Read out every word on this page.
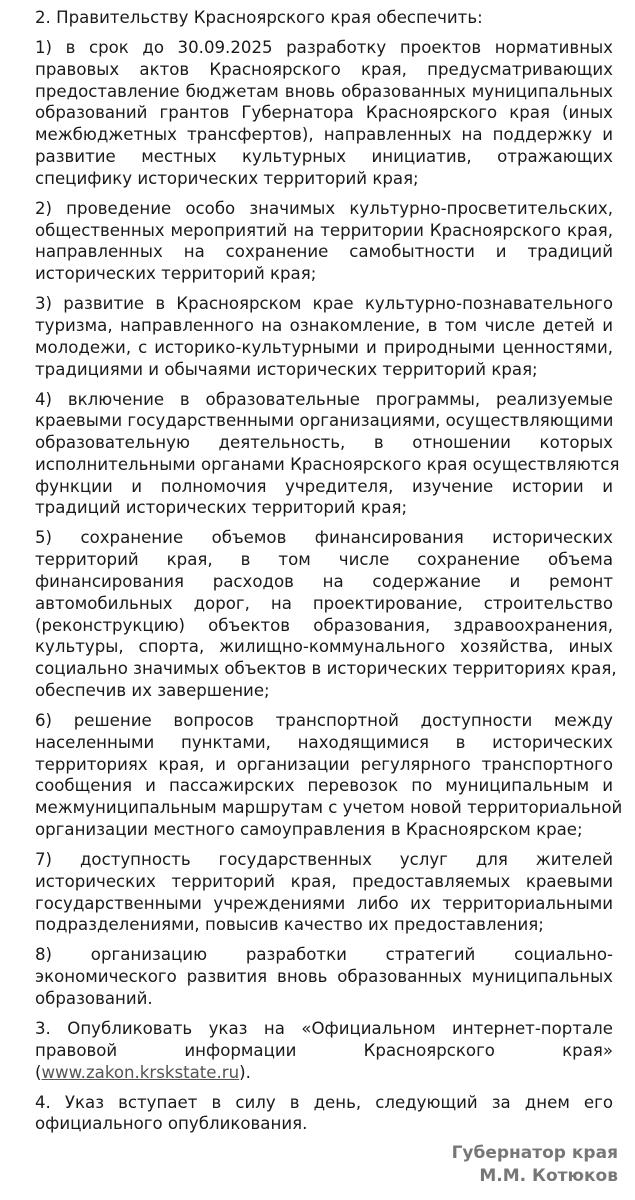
2. Правительству Красноярского края обеспечить:
1) в срок до 30.09.2025 разработку проектов нормативных
правовых актов Красноярского края, предусматривающих
предоставление бюджетам вновь образованных муниципальных
образований грантов Губернатора Красноярского края (иных
межбюджетных трансфертов), направленных на поддержку и
развитие местных культурных инициатив, отражающих
специфику исторических территорий края;
2) проведение особо значимых культурно-просветительских,
общественных мероприятий на территории Красноярского края,
направленных на сохранение самобытности и традиций
исторических территорий края;
3) развитие в Красноярском крае культурно-познавательного
туризма, направленного на ознакомление, в том числе детей и
молодежи, с историко-культурными и природными ценностями,
традициями и обычаями исторических территорий края;
4) включение в образовательные программы, реализуемые
краевыми государственными организациями, осуществляющими
образовательную деятельность, в отношении которых
исполнительными органами Красноярского края осуществляются
функции и полномочия учредителя, изучение истории и
традиций исторических территорий края;
5) сохранение объемов финансирования исторических
территорий края, в том числе сохранение объема
финансирования расходов на содержание и ремонт
автомобильных дорог, на проектирование, строительство
(реконструкцию) объектов образования, здравоохранения,
культуры, спорта, жилищно-коммунального хозяйства, иных
социально значимых объектов в исторических территориях края,
обеспечив их завершение;
6) решение вопросов транспортной доступности между
населенными пунктами, находящимися в исторических
территориях края, и организации регулярного транспортного
сообщения и пассажирских перевозок по муниципальным и
межмуниципальным маршрутам с учетом новой территориальной
организации местного самоуправления в Красноярском крае;
7) доступность государственных услуг для жителей
исторических территорий края, предоставляемых краевыми
государственными учреждениями либо их территориальными
подразделениями, повысив качество их предоставления;
8) организацию разработки стратегий социально-
экономического развития вновь образованных муниципальных
образований.
3. Опубликовать указ на «Официальном интернет-портале
правовой информации Красноярского края»
(www.zakon.krskstate.ru).
4. Указ вступает в силу в день, следующий за днем его
официального опубликования.
Губернатор края
М.М. Котюков
